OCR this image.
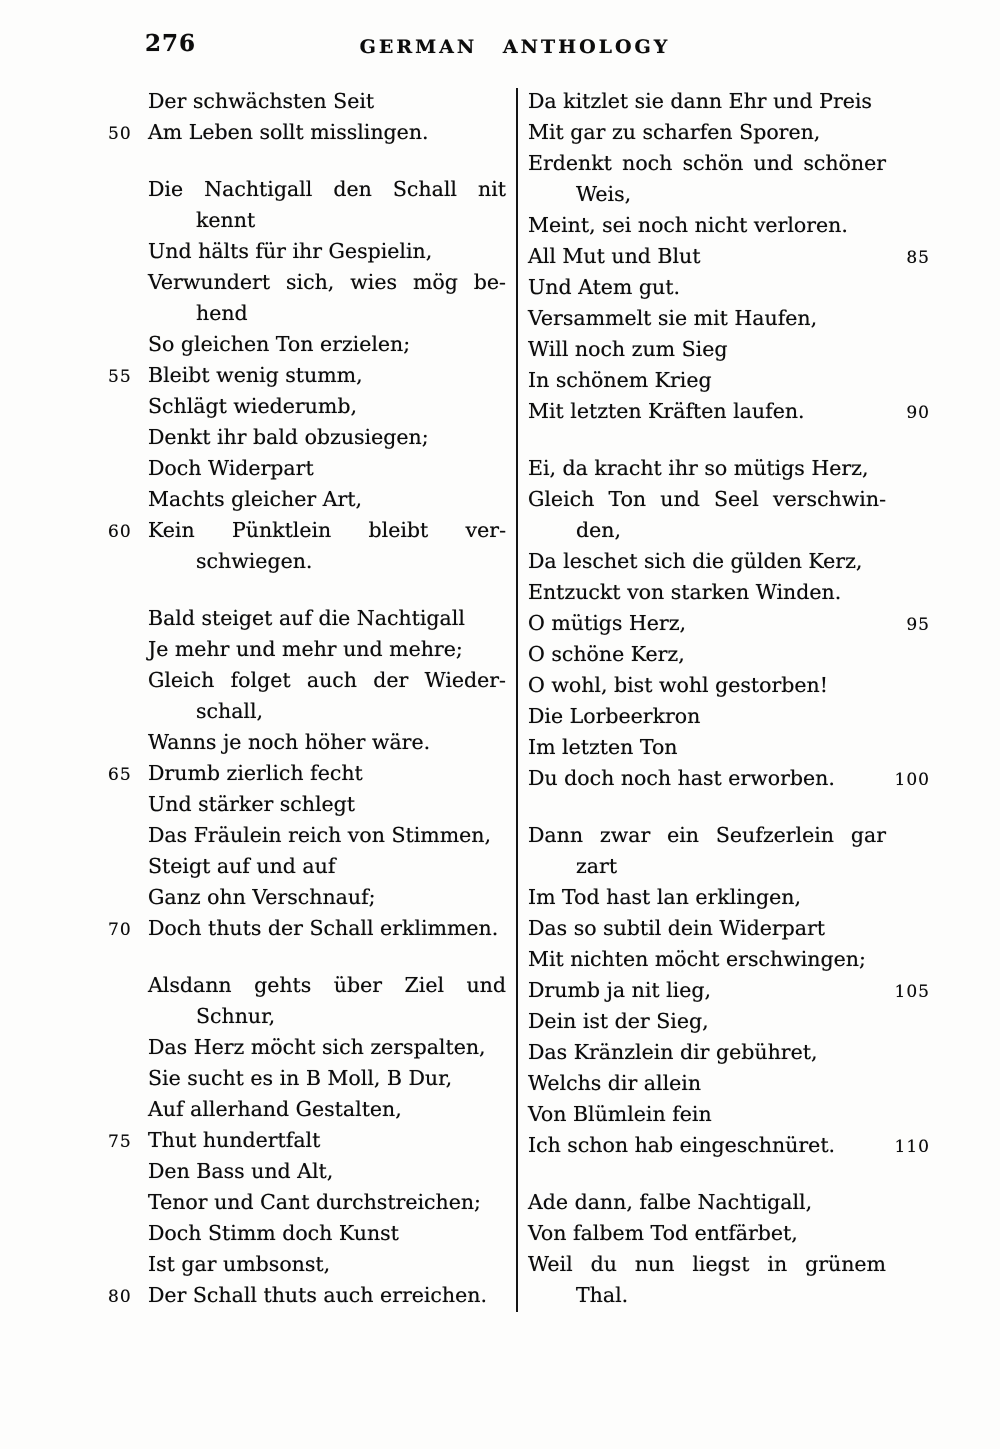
276	GERMAN ANTHOLOGY
Der schwächsten Seit
Am Leben sollt misslingen.
50
Die Nachtigall den Schall nit
kennt
Und hälts für ihr Gespielin,
Verwundert sich, wies mög be-
hend
So gleichen Ton erzielen;
Bleibt wenig stumm,
55
Schlägt wiederumb,
Denkt ihr bald obzusiegen;
Doch Widerpart
Machts gleicher Art,
Kein Pünktlein bleibt ver-
60
schwiegen.
Bald steiget auf die Nachtigall
Je mehr und mehr und mehre;
Gleich folget auch der Wieder-
schall,
Wanns je noch höher wäre.
Drumb zierlich fecht
65
Und stärker schlegt
Das Fräulein reich von Stimmen,
Steigt auf und auf
Ganz ohn Verschnauf;
Doch thuts der Schall erklimmen.
70
Alsdann gehts über Ziel und
Schnur,
Das Herz möcht sich zerspalten,
Sie sucht es in B Moll, B Dur,
Auf allerhand Gestalten,
Thut hundertfalt
75
Den Bass und Alt,
Tenor und Cant durchstreichen;
Doch Stimm doch Kunst
Ist gar umbsonst,
Der Schall thuts auch erreichen.
80
Da kitzlet sie dann Ehr und Preis
Mit gar zu scharfen Sporen,
Erdenkt noch schön und schöner
Weis,
Meint, sei noch nicht verloren.
All Mut und Blut	85
Und Atem gut.
Versammelt sie mit Haufen,
Will noch zum Sieg
In schönem Krieg
Mit letzten Kräften laufen.	90
Ei, da kracht ihr so mütigs Herz,
Gleich Ton und Seel verschwin-
den,
Da leschet sich die gülden Kerz,
Entzuckt von starken Winden.
O mütigs Herz,	95
O schöne Kerz,
O wohl, bist wohl gestorben!
Die Lorbeerkron
Im letzten Ton
Du doch noch hast erworben.	100
Dann zwar ein Seufzerlein gar
zart
Im Tod hast lan erklingen,
Das so subtil dein Widerpart
Mit nichten möcht erschwingen;
Drumb ja nit lieg,	105
Dein ist der Sieg,
Das Kränzlein dir gebühret,
Welchs dir allein
Von Blümlein fein
Ich schon hab eingeschnüret.	110
Ade dann, falbe Nachtigall,
Von falbem Tod entfärbet,
Weil du nun liegst in grünem
Thal.
